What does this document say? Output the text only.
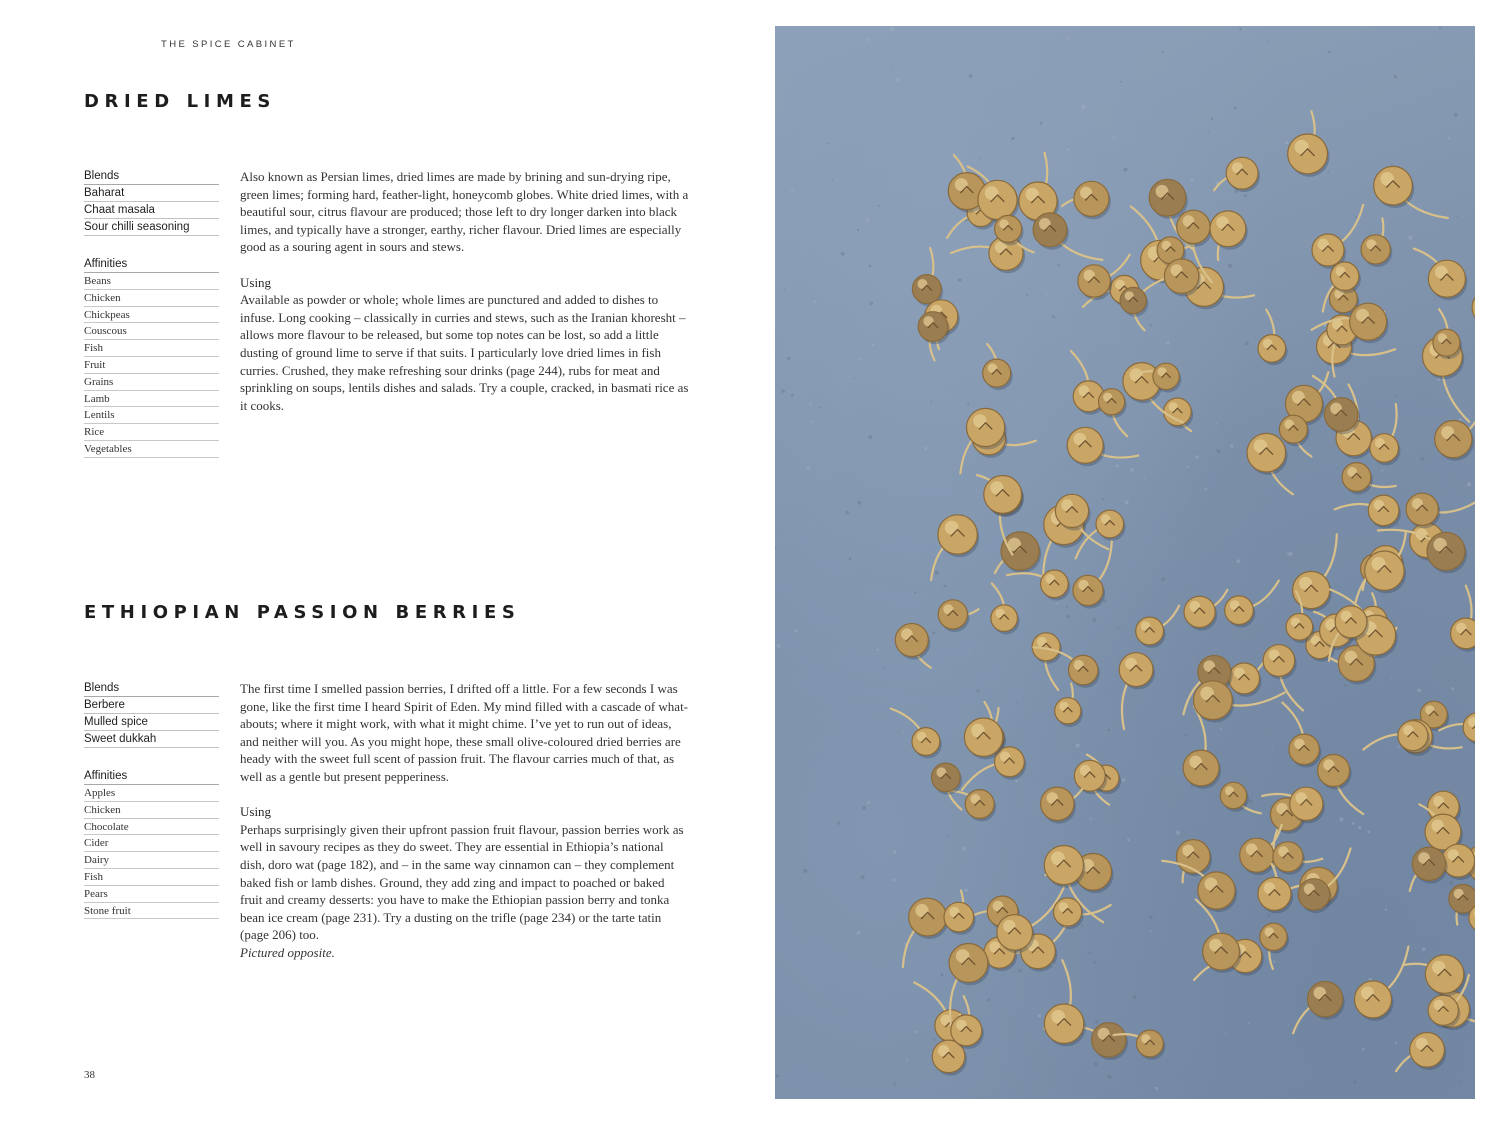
THE SPICE CABINET
DRIED LIMES
Blends
Baharat
Chaat masala
Sour chilli seasoning
Affinities
Beans
Chicken
Chickpeas
Couscous
Fish
Fruit
Grains
Lamb
Lentils
Rice
Vegetables

Also known as Persian limes, dried limes are made by brining and sun-drying ripe, green limes; forming hard, feather-light, honeycomb globes. White dried limes, with a beautiful sour, citrus flavour are produced; those left to dry longer darken into black limes, and typically have a stronger, earthy, richer flavour. Dried limes are especially good as a souring agent in sours and stews.

Using

Available as powder or whole; whole limes are punctured and added to dishes to infuse. Long cooking – classically in curries and stews, such as the Iranian khoresht – allows more flavour to be released, but some top notes can be lost, so add a little dusting of ground lime to serve if that suits. I particularly love dried limes in fish curries. Crushed, they make refreshing sour drinks (page 244), rubs for meat and sprinkling on soups, lentils dishes and salads. Try a couple, cracked, in basmati rice as it cooks.

ETHIOPIAN PASSION BERRIES
Blends
Berbere
Mulled spice
Sweet dukkah
Affinities
Apples
Chicken
Chocolate
Cider
Dairy
Fish
Pears
Stone fruit

The first time I smelled passion berries, I drifted off a little. For a few seconds I was gone, like the first time I heard Spirit of Eden. My mind filled with a cascade of what-abouts; where it might work, with what it might chime. I’ve yet to run out of ideas, and neither will you. As you might hope, these small olive-coloured dried berries are heady with the sweet full scent of passion fruit. The flavour carries much of that, as well as a gentle but present pepperiness.

Using

Perhaps surprisingly given their upfront passion fruit flavour, passion berries work as well in savoury recipes as they do sweet. They are essential in Ethiopia’s national dish, doro wat (page 182), and – in the same way cinnamon can – they complement baked fish or lamb dishes. Ground, they add zing and impact to poached or baked fruit and creamy desserts: you have to make the Ethiopian passion berry and tonka bean ice cream (page 231). Try a dusting on the trifle (page 234) or the tarte tatin (page 206) too.

Pictured opposite.

38
